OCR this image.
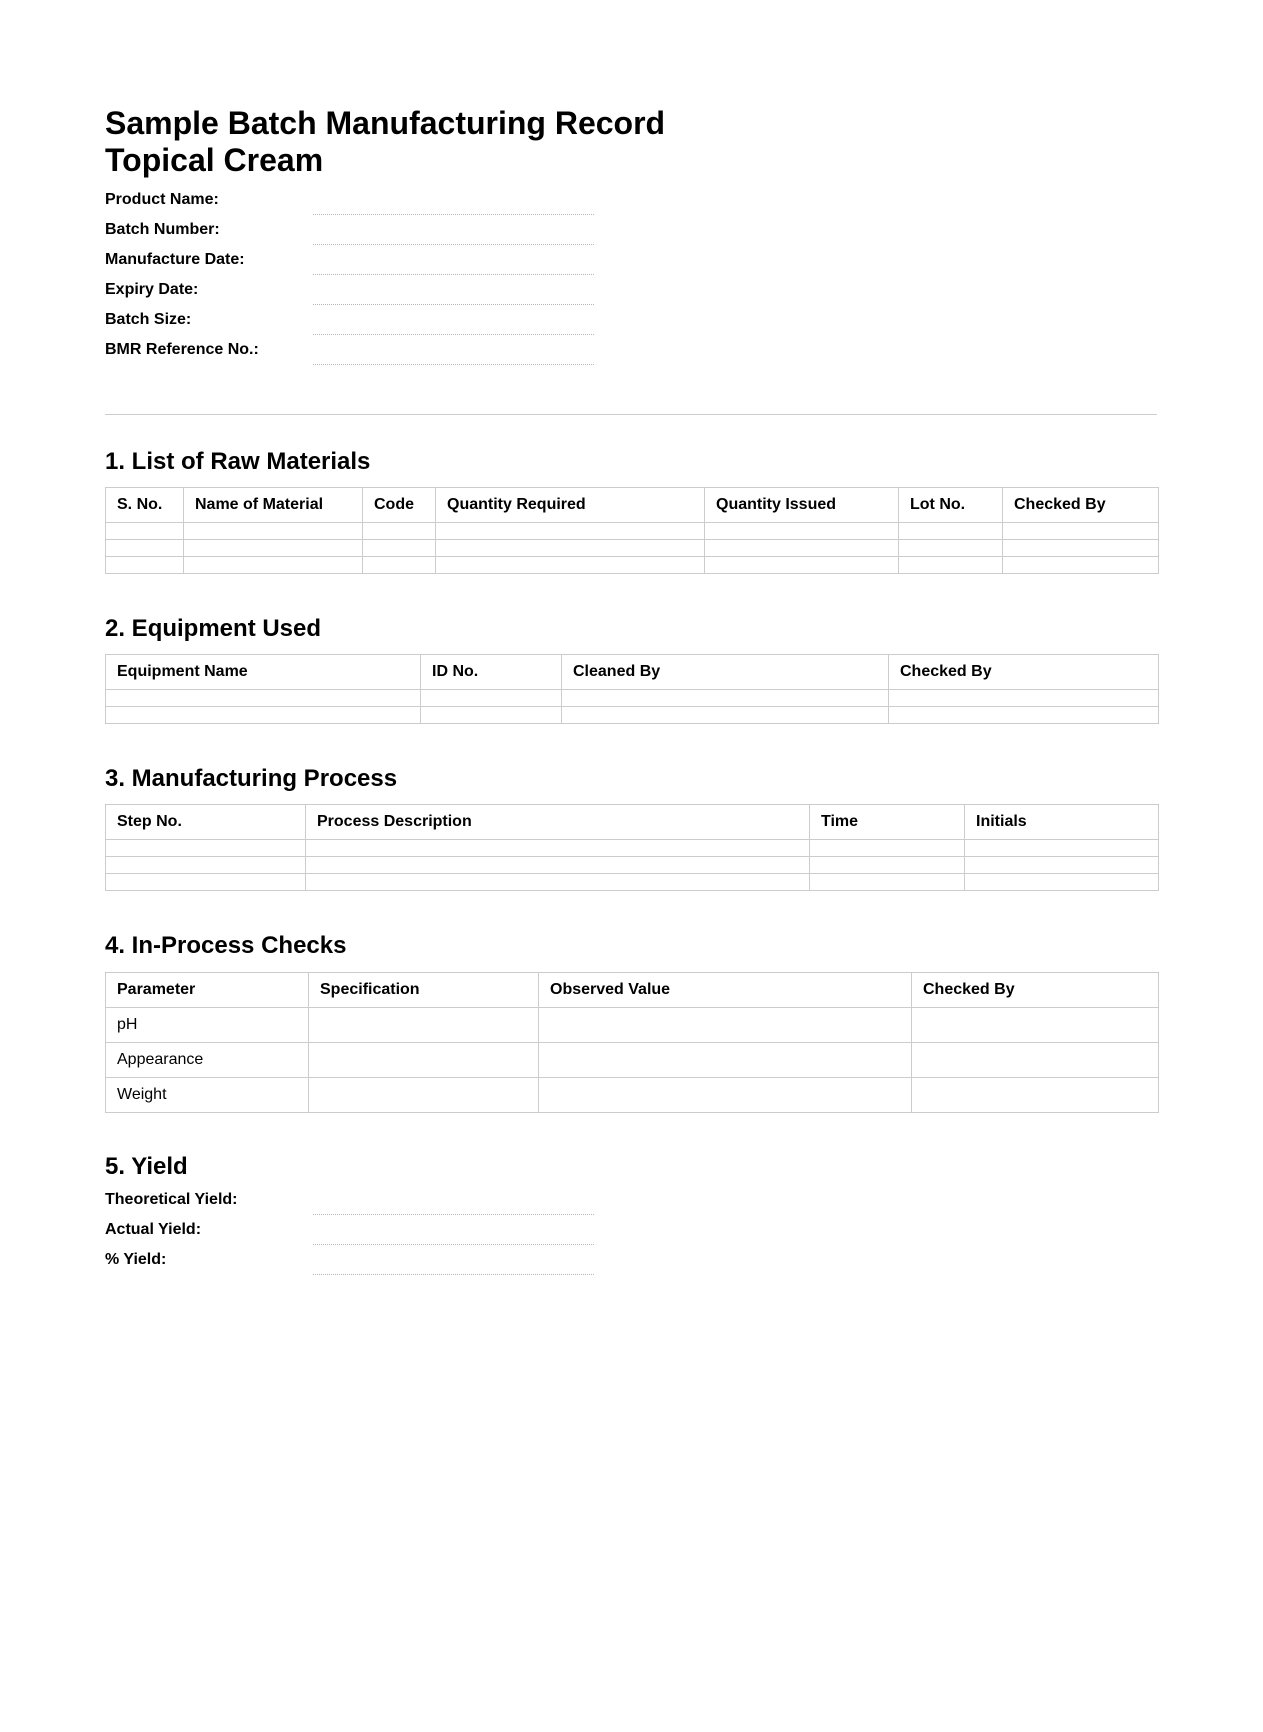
Sample Batch Manufacturing Record
Topical Cream
Product Name:
Batch Number:
Manufacture Date:
Expiry Date:
Batch Size:
BMR Reference No.:
1. List of Raw Materials
S. No.	Name of Material	Code	Quantity Required	Quantity Issued	Lot No.	Checked By

2. Equipment Used
Equipment Name	ID No.	Cleaned By	Checked By

3. Manufacturing Process
Step No.	Process Description	Time	Initials

4. In-Process Checks
Parameter	Specification	Observed Value	Checked By
pH			
Appearance			
Weight			
5. Yield
Theoretical Yield:
Actual Yield:
% Yield:
